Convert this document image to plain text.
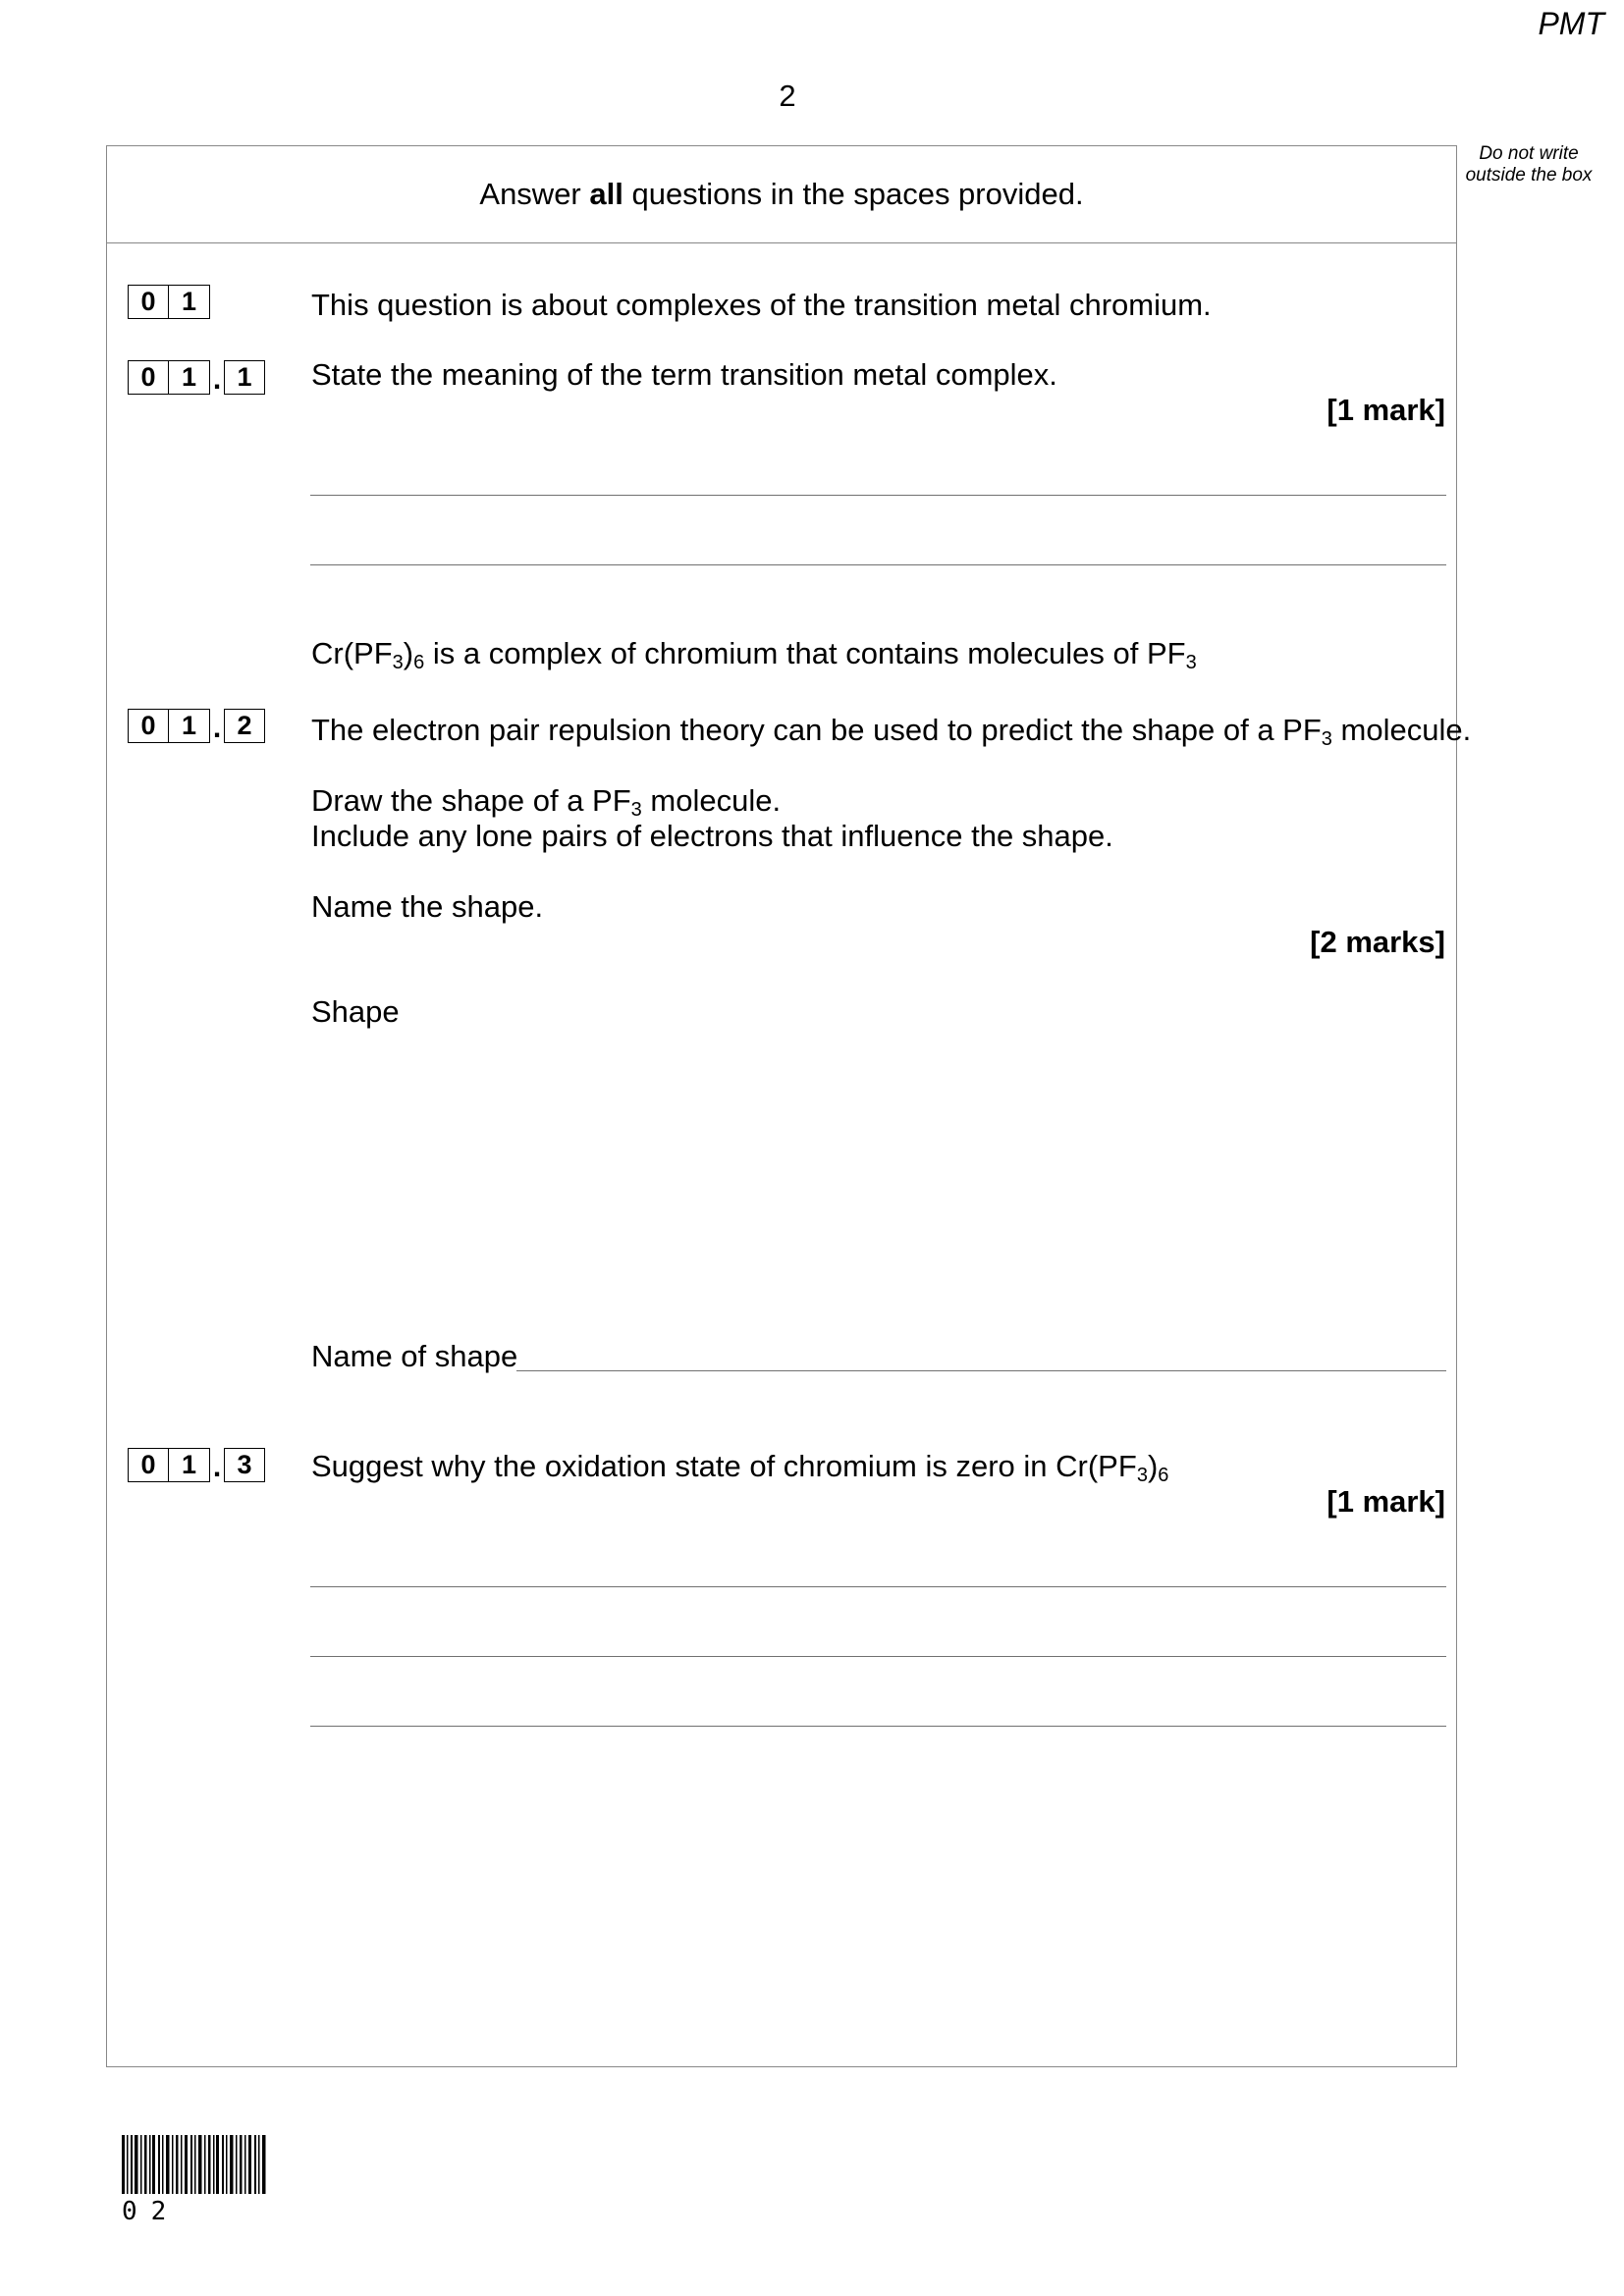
PMT
2
Do not write outside the box
Answer all questions in the spaces provided.
0 1	This question is about complexes of the transition metal chromium.
0 1 . 1	State the meaning of the term transition metal complex.
[1 mark]
$Cr(PF_3)_6$ is a complex of chromium that contains molecules of $PF_3$
0 1 . 2	The electron pair repulsion theory can be used to predict the shape of a $PF_3$ molecule.
Draw the shape of a $PF_3$ molecule.
Include any lone pairs of electrons that influence the shape.
Name the shape.
[2 marks]
Shape
Name of shape
0 1 . 3	Suggest why the oxidation state of chromium is zero in $Cr(PF_3)_6$
[1 mark]
02
